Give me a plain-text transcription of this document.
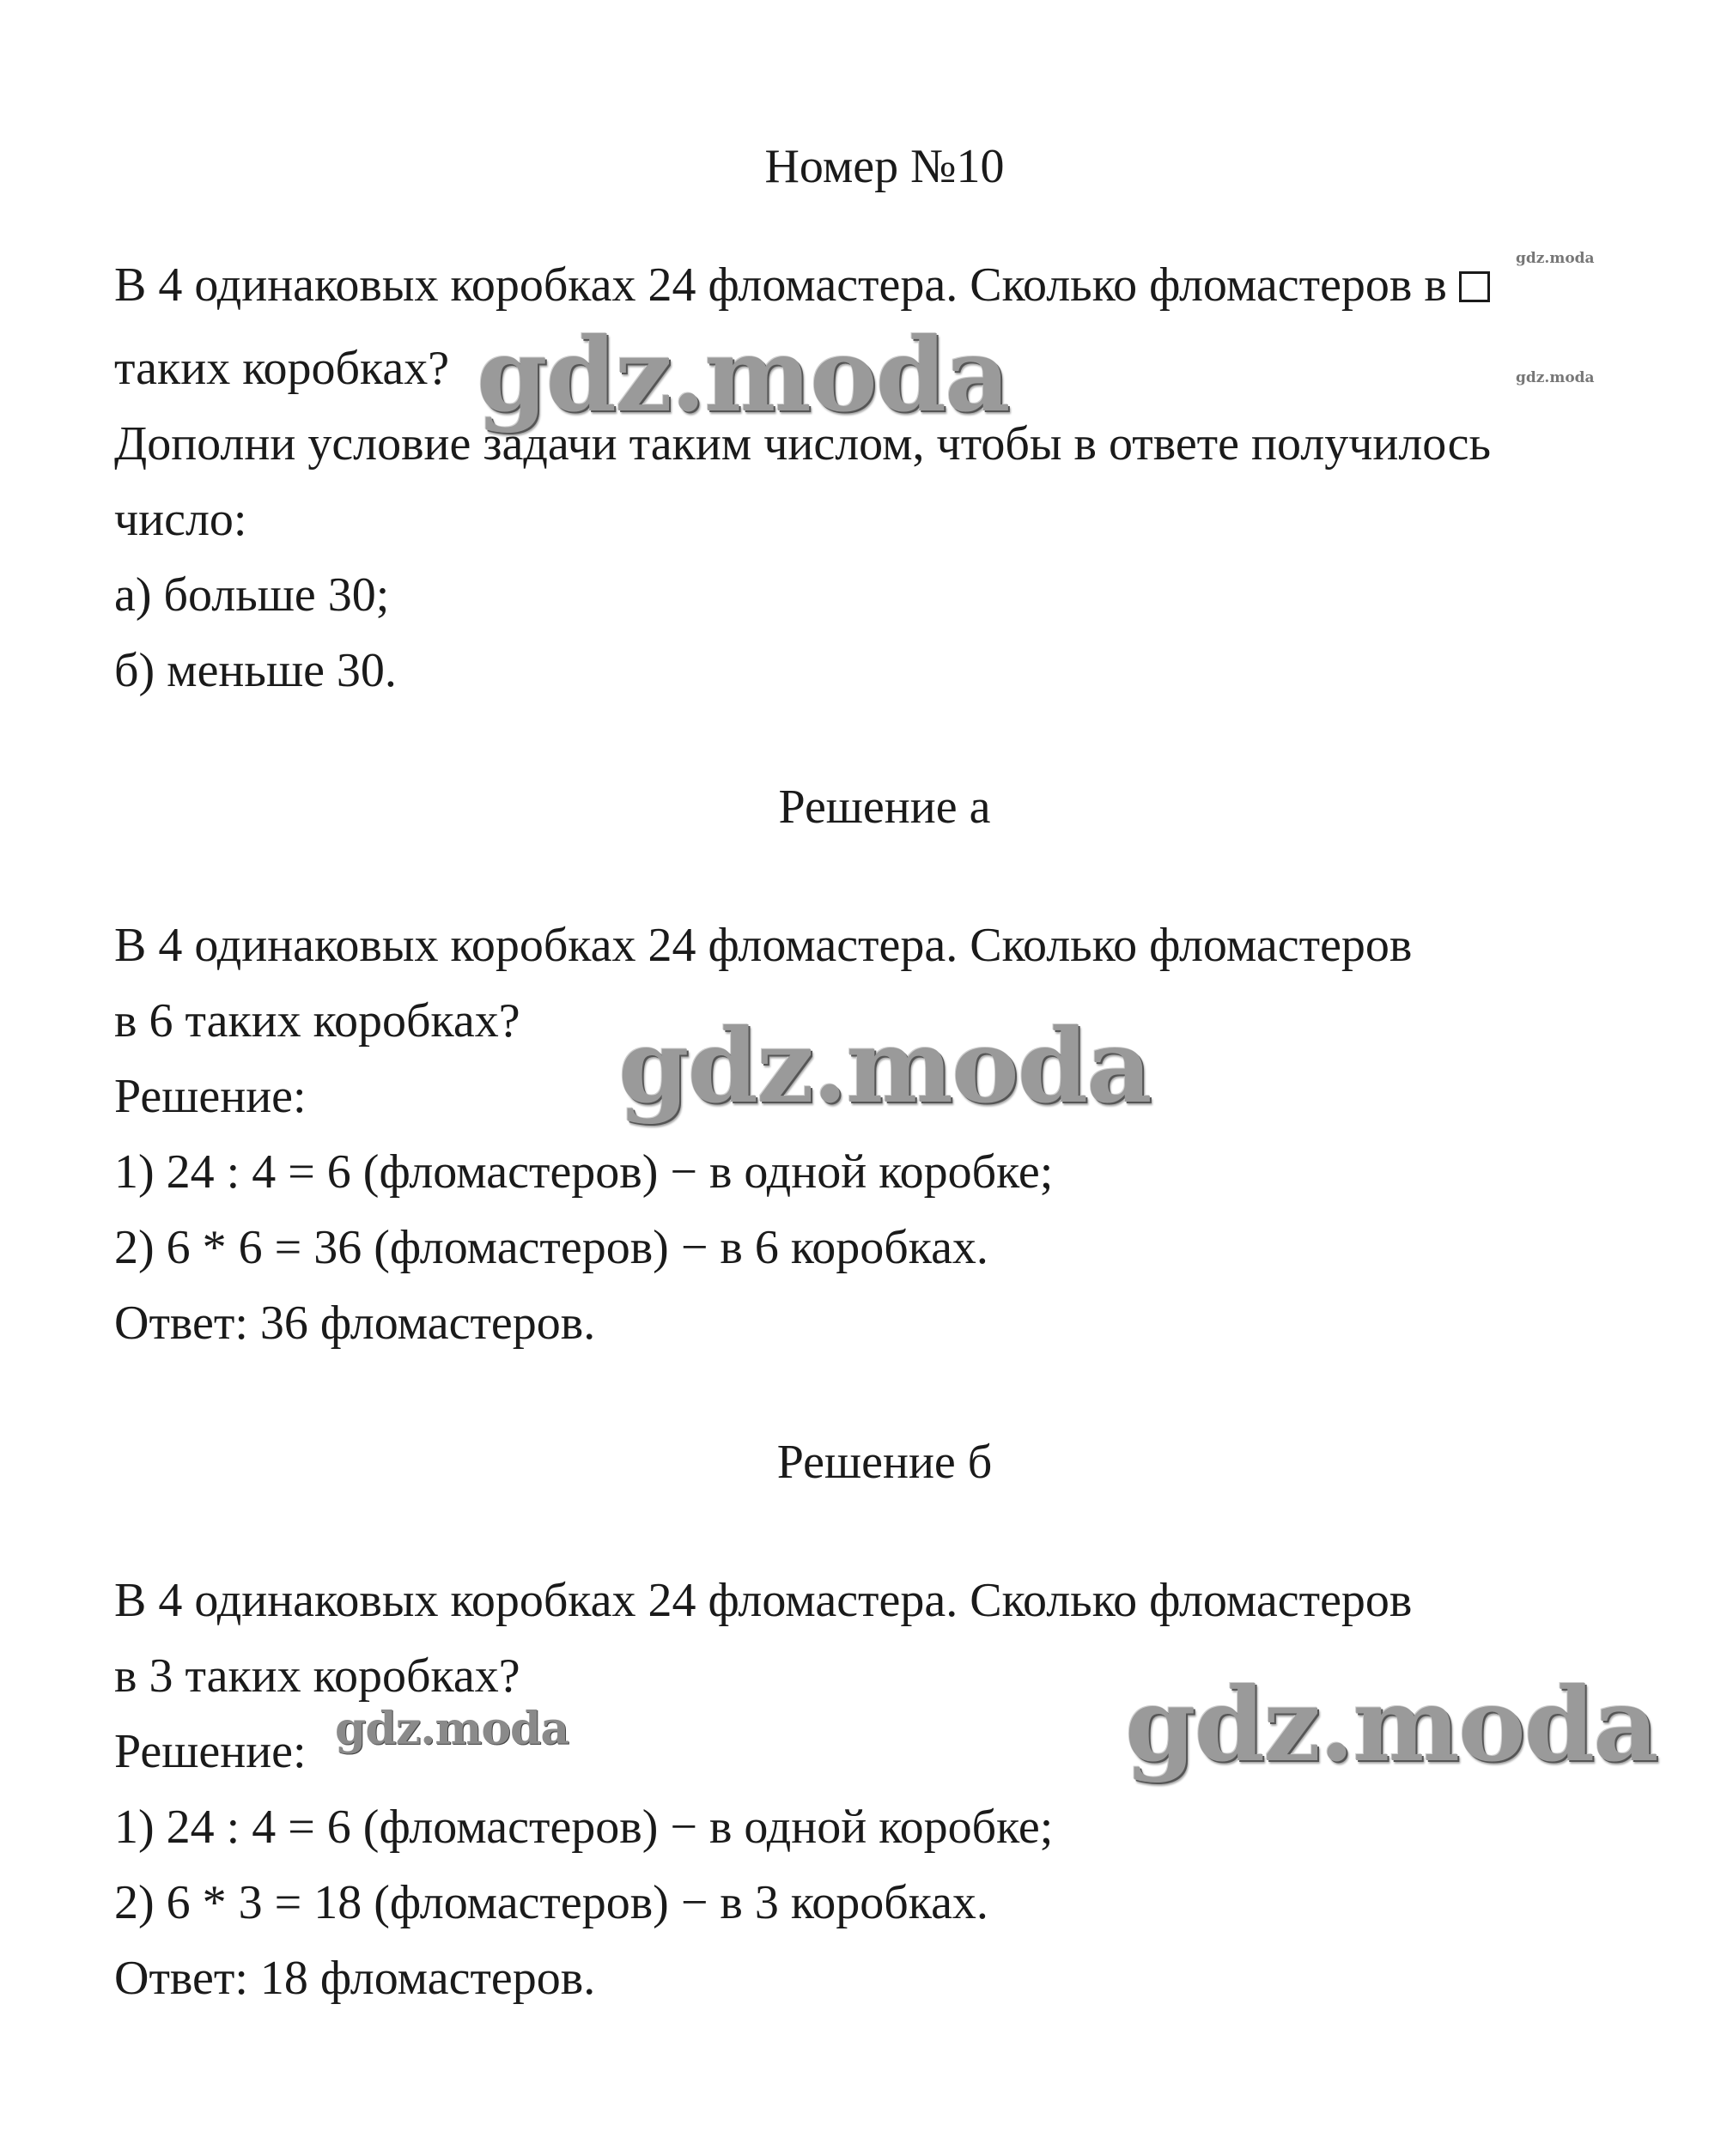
Номер №10
В 4 одинаковых коробках 24 фломастера. Сколько фломастеров в
таких коробках?
Дополни условие задачи таким числом, чтобы в ответе получилось
число:
а) больше 30;
б) меньше 30.
Решение а
В 4 одинаковых коробках 24 фломастера. Сколько фломастеров
в 6 таких коробках?
Решение:
1) 24 : 4 = 6 (фломастеров) − в одной коробке;
2) 6 * 6 = 36 (фломастеров) − в 6 коробках.
Ответ: 36 фломастеров.
Решение б
В 4 одинаковых коробках 24 фломастера. Сколько фломастеров
в 3 таких коробках?
Решение:
1) 24 : 4 = 6 (фломастеров) − в одной коробке;
2) 6 * 3 = 18 (фломастеров) − в 3 коробках.
Ответ: 18 фломастеров.
gdz.moda
gdz.moda
gdz.moda
gdz.moda
gdz.moda	gdz.moda
